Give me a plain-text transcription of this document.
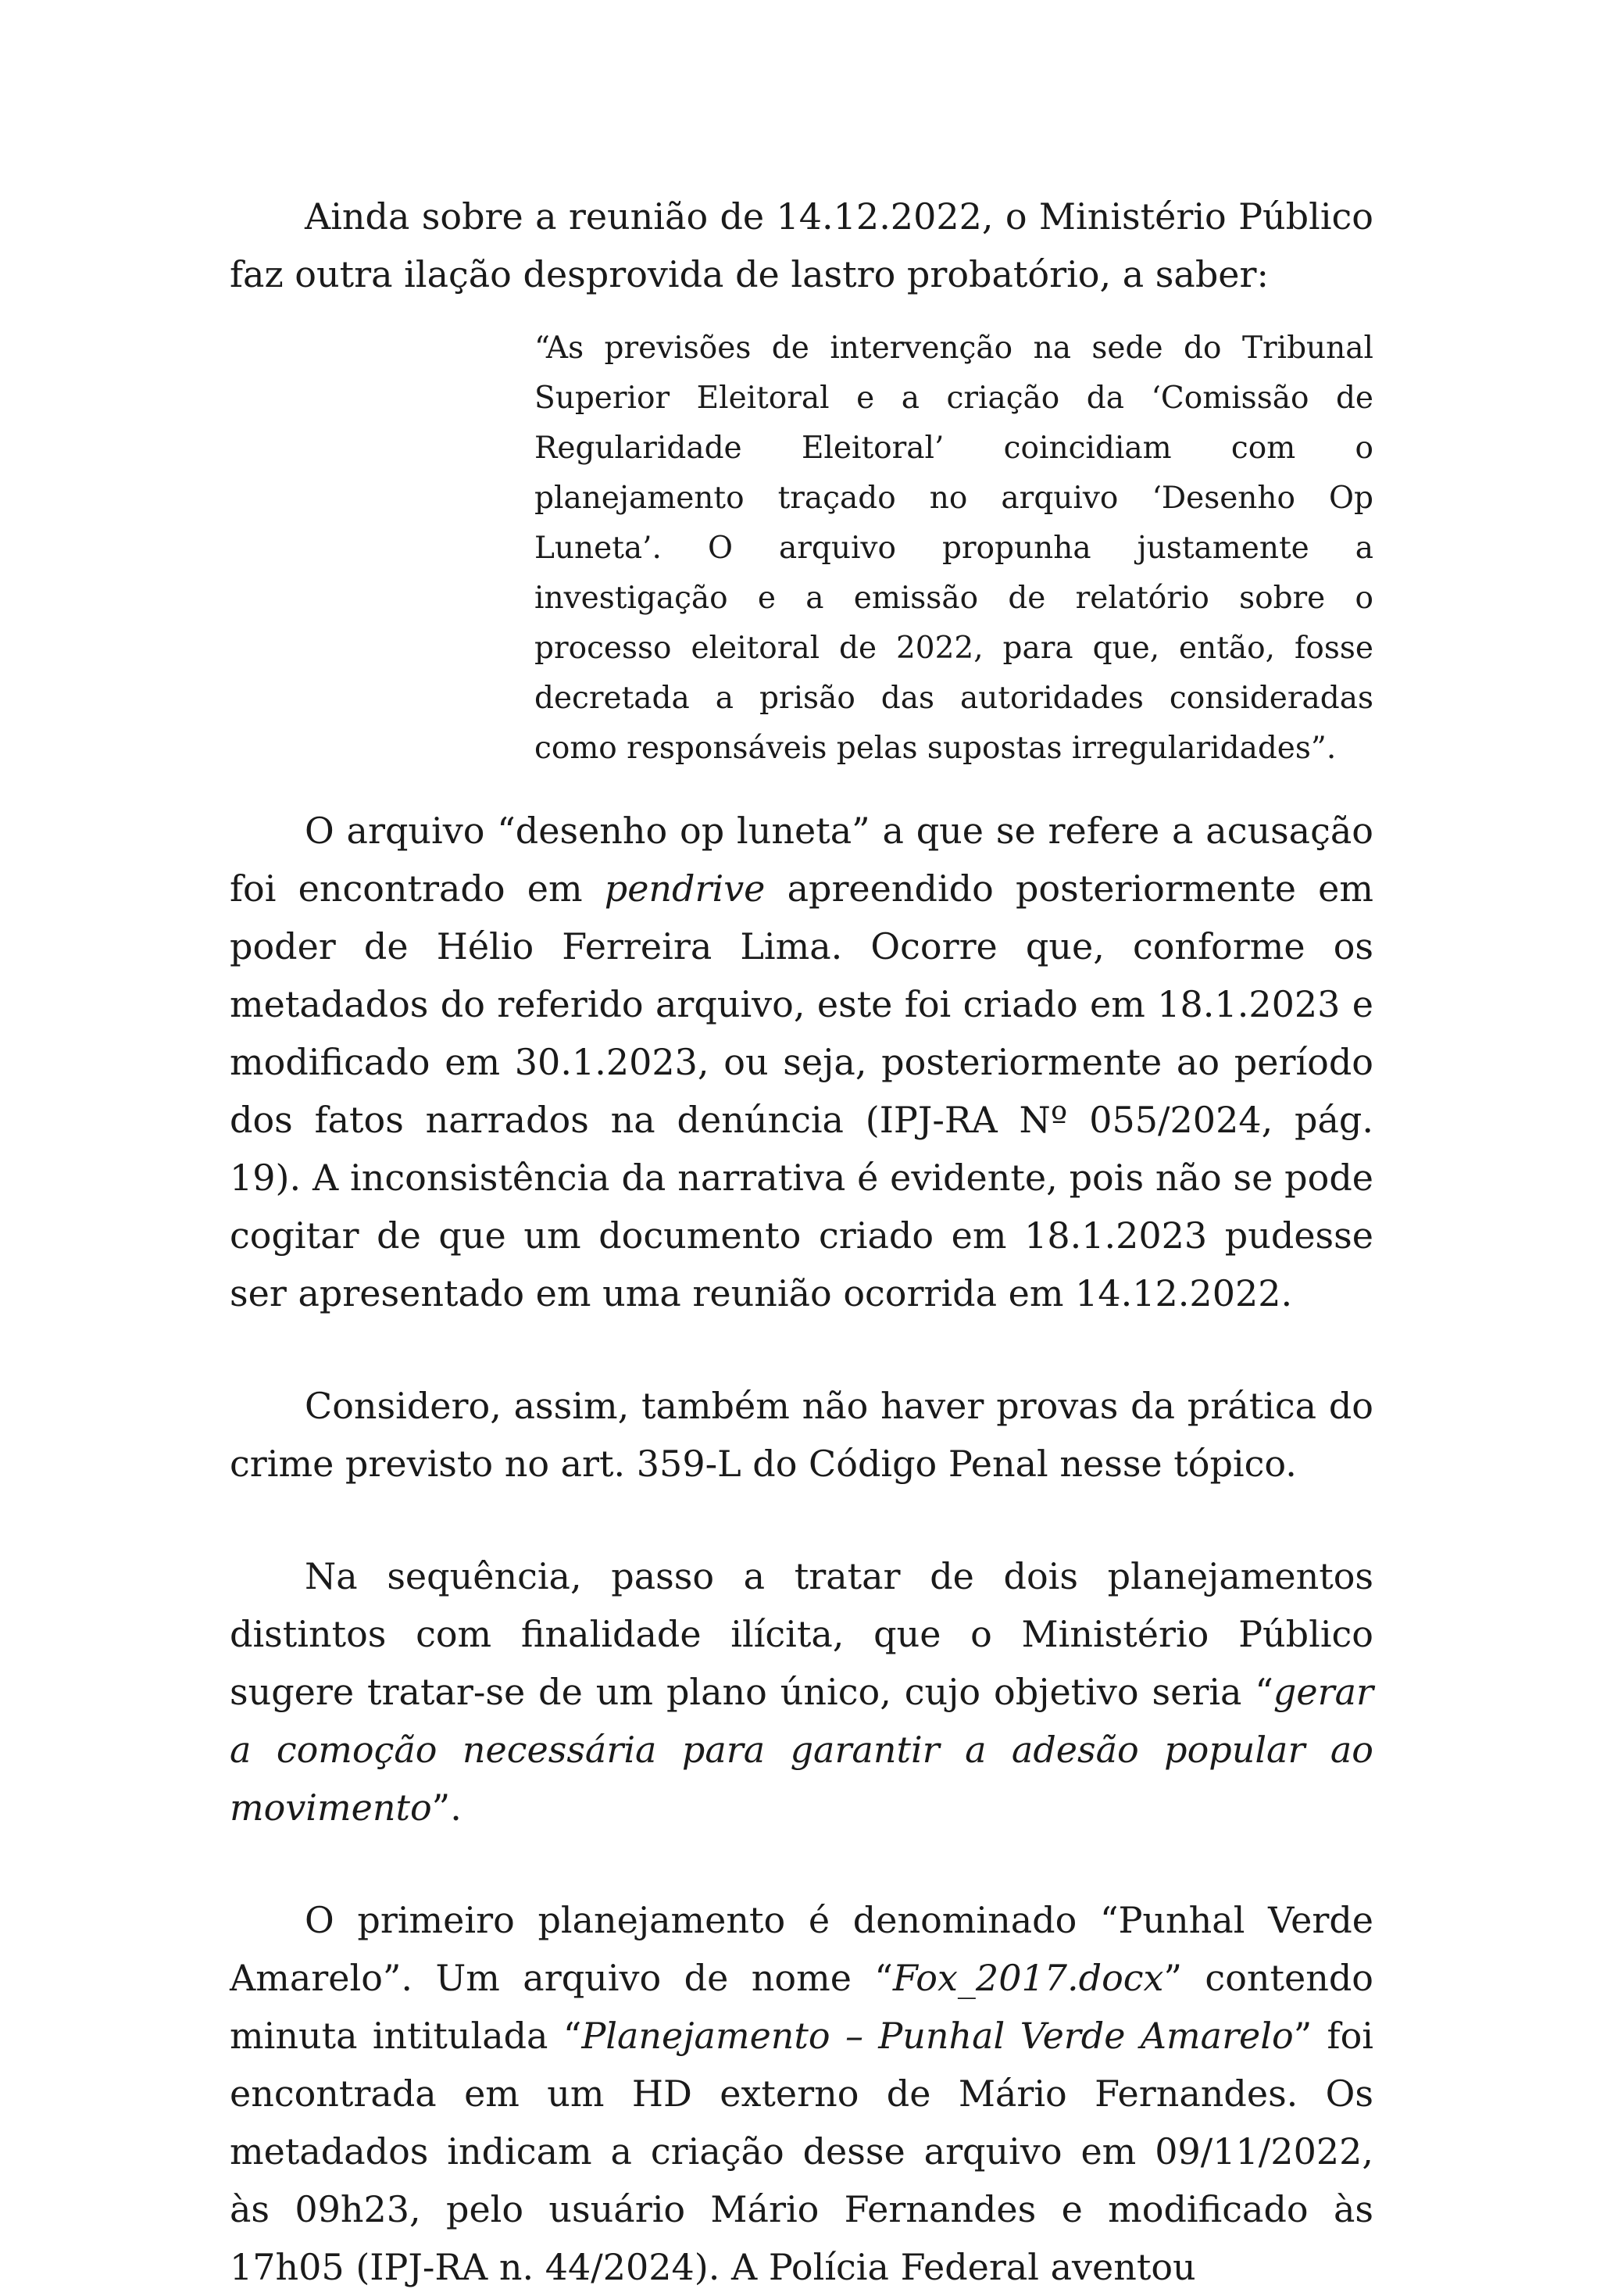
Ainda sobre a reunião de 14.12.2022, o Ministério Público faz outra ilação desprovida de lastro probatório, a saber:

“As previsões de intervenção na sede do Tribunal Superior Eleitoral e a criação da ‘Comissão de Regularidade Eleitoral’ coincidiam com o planejamento traçado no arquivo ‘Desenho Op Luneta’. O arquivo propunha justamente a investigação e a emissão de relatório sobre o processo eleitoral de 2022, para que, então, fosse decretada a prisão das autoridades consideradas como responsáveis pelas supostas irregularidades”.

O arquivo “desenho op luneta” a que se refere a acusação foi encontrado em pendrive apreendido posteriormente em poder de Hélio Ferreira Lima. Ocorre que, conforme os metadados do referido arquivo, este foi criado em 18.1.2023 e modificado em 30.1.2023, ou seja, posteriormente ao período dos fatos narrados na denúncia (IPJ-RA Nº 055/2024, pág. 19). A inconsistência da narrativa é evidente, pois não se pode cogitar de que um documento criado em 18.1.2023 pudesse ser apresentado em uma reunião ocorrida em 14.12.2022.

Considero, assim, também não haver provas da prática do crime previsto no art. 359-L do Código Penal nesse tópico.

Na sequência, passo a tratar de dois planejamentos distintos com finalidade ilícita, que o Ministério Público sugere tratar-se de um plano único, cujo objetivo seria “gerar a comoção necessária para garantir a adesão popular ao movimento”.

O primeiro planejamento é denominado “Punhal Verde Amarelo”. Um arquivo de nome “Fox_2017.docx” contendo minuta intitulada “Planejamento – Punhal Verde Amarelo” foi encontrada em um HD externo de Mário Fernandes. Os metadados indicam a criação desse arquivo em 09/11/2022, às 09h23, pelo usuário Mário Fernandes e modificado às 17h05 (IPJ-RA n. 44/2024). A Polícia Federal aventou
